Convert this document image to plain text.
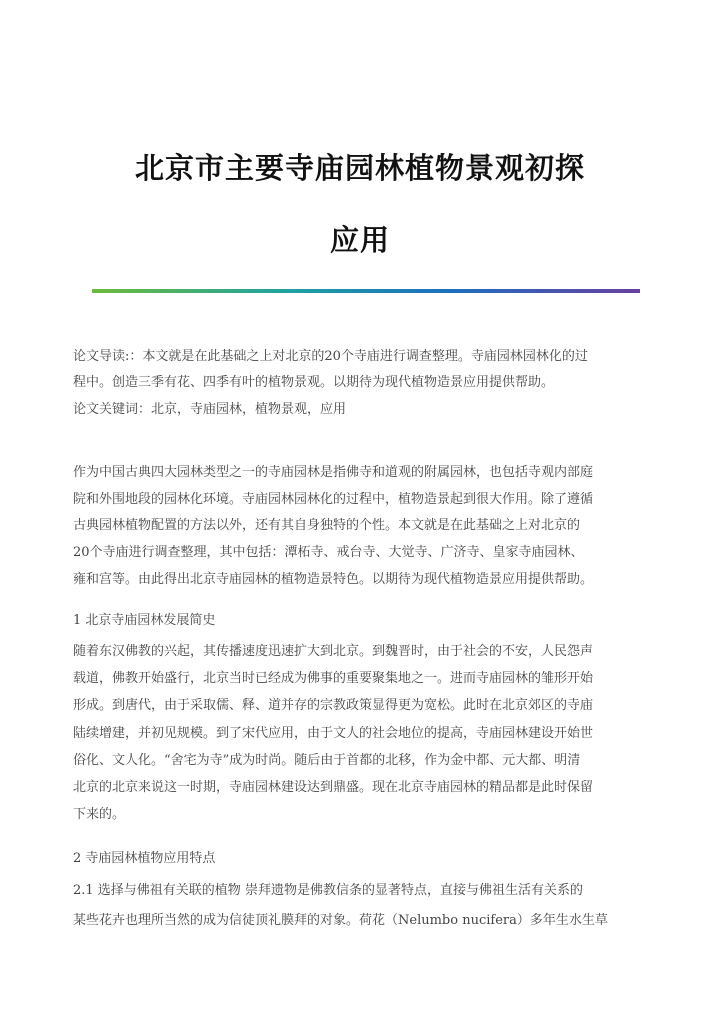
北京市主要寺庙园林植物景观初探
应用
论文导读:：本文就是在此基础之上对北京的20个寺庙进行调查整理。寺庙园林园林化的过
程中。创造三季有花、四季有叶的植物景观。以期待为现代植物造景应用提供帮助。
论文关键词：北京，寺庙园林，植物景观，应用
作为中国古典四大园林类型之一的寺庙园林是指佛寺和道观的附属园林，也包括寺观内部庭
院和外围地段的园林化环境。寺庙园林园林化的过程中，植物造景起到很大作用。除了遵循
古典园林植物配置的方法以外，还有其自身独特的个性。本文就是在此基础之上对北京的
20个寺庙进行调查整理，其中包括：潭柘寺、戒台寺、大觉寺、广济寺、皇家寺庙园林、
雍和宫等。由此得出北京寺庙园林的植物造景特色。以期待为现代植物造景应用提供帮助。
1 北京寺庙园林发展简史
随着东汉佛教的兴起，其传播速度迅速扩大到北京。到魏晋时，由于社会的不安，人民怨声
载道，佛教开始盛行，北京当时已经成为佛事的重要聚集地之一。进而寺庙园林的雏形开始
形成。到唐代，由于采取儒、释、道并存的宗教政策显得更为宽松。此时在北京郊区的寺庙
陆续增建，并初见规模。到了宋代应用，由于文人的社会地位的提高，寺庙园林建设开始世
俗化、文人化。“舍宅为寺”成为时尚。随后由于首都的北移，作为金中都、元大都、明清
北京的北京来说这一时期，寺庙园林建设达到鼎盛。现在北京寺庙园林的精品都是此时保留
下来的。
2 寺庙园林植物应用特点
2.1 选择与佛祖有关联的植物 崇拜遗物是佛教信条的显著特点，直接与佛祖生活有关系的
某些花卉也理所当然的成为信徒顶礼膜拜的对象。荷花（Nelumbo nucifera）多年生水生草
